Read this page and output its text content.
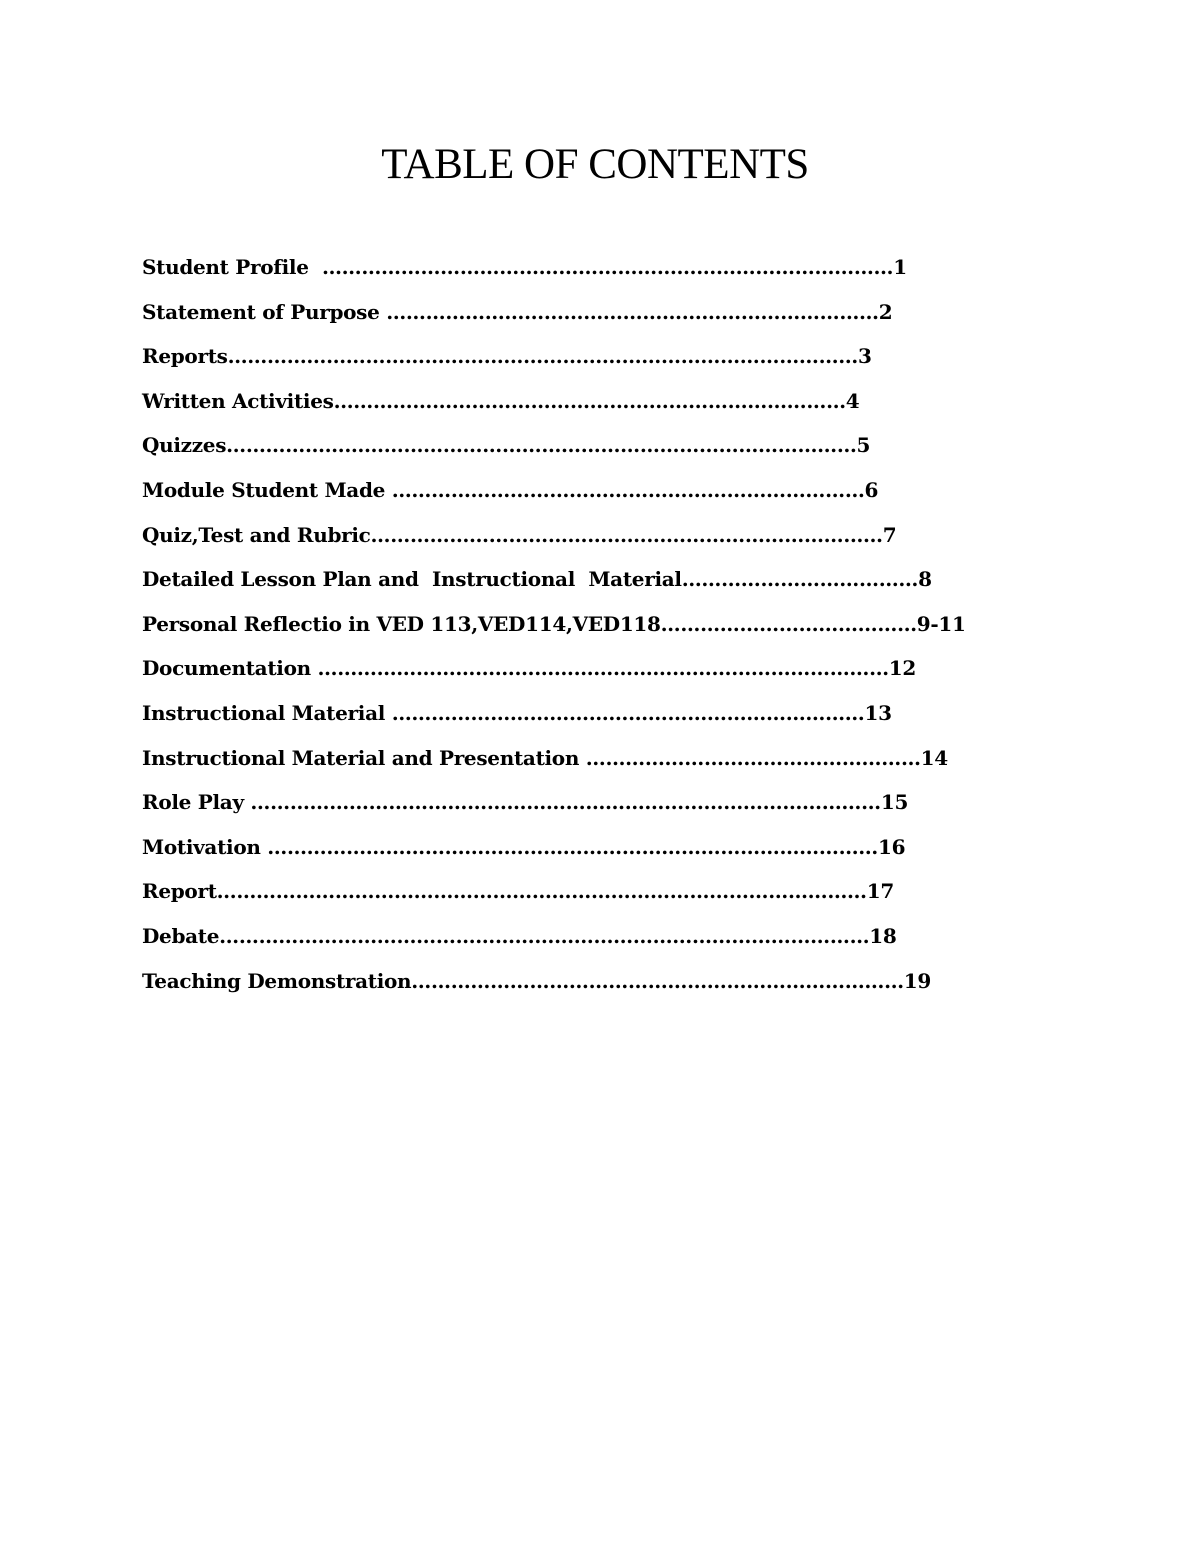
TABLE OF CONTENTS
Student Profile  ……………………………………………………………………………1
Statement of Purpose …………………………………………………………………2
Reports……………………………………………………………………………………3
Written Activities……………………………………………………………………4
Quizzes……………………………………………………………………………………5
Module Student Made ………………………………………………………………6
Quiz,Test and Rubric……………………………………………………………………7
Detailed Lesson Plan and  Instructional  Material………………………………8
Personal Reflectio in VED 113,VED114,VED118…………………………………9-11
Documentation ……………………………………………………………………………12
Instructional Material ………………………………………………………………13
Instructional Material and Presentation ……………………………………………14
Role Play ……………………………………………………………………………………15
Motivation …………………………………………………………………………………16
Report………………………………………………………………………………………17
Debate………………………………………………………………………………………18
Teaching Demonstration…………………………………………………………………19
